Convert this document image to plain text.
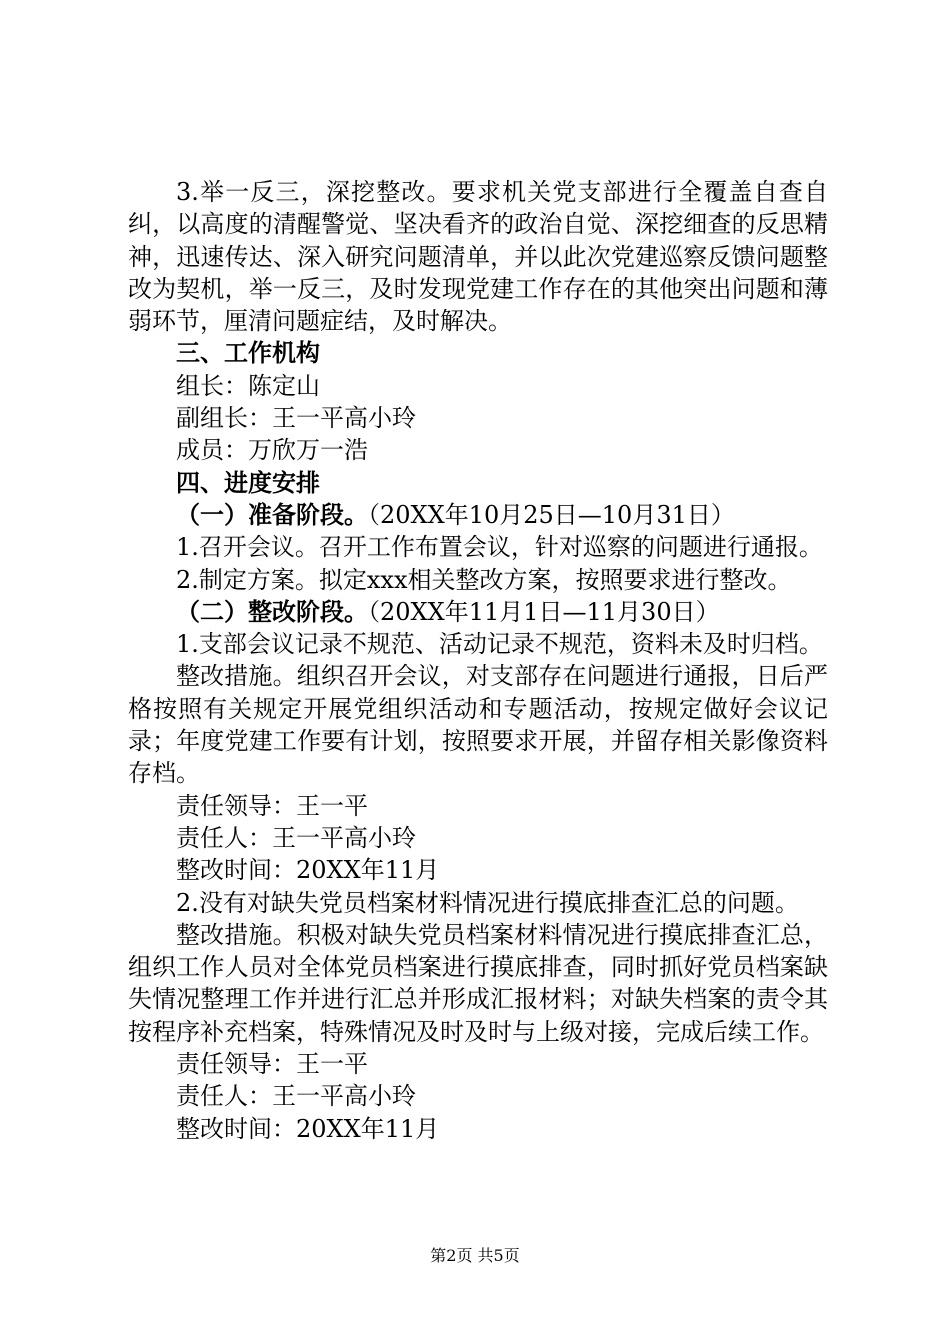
3.举一反三，深挖整改。要求机关党支部进行全覆盖自查自纠，以高度的清醒警觉、坚决看齐的政治自觉、深挖细查的反思精神，迅速传达、深入研究问题清单，并以此次党建巡察反馈问题整改为契机，举一反三，及时发现党建工作存在的其他突出问题和薄弱环节，厘清问题症结，及时解决。

三、工作机构

组长：陈定山

副组长：王一平高小玲

成员：万欣万一浩

四、进度安排

（一）准备阶段。（20XX年10月25日—10月31日）

1.召开会议。召开工作布置会议，针对巡察的问题进行通报。

2.制定方案。拟定xxx相关整改方案，按照要求进行整改。

（二）整改阶段。（20XX年11月1日—11月30日）

1.支部会议记录不规范、活动记录不规范，资料未及时归档。

整改措施。组织召开会议，对支部存在问题进行通报，日后严格按照有关规定开展党组织活动和专题活动，按规定做好会议记录；年度党建工作要有计划，按照要求开展，并留存相关影像资料存档。

责任领导：王一平

责任人：王一平高小玲

整改时间：20XX年11月

2.没有对缺失党员档案材料情况进行摸底排查汇总的问题。

整改措施。积极对缺失党员档案材料情况进行摸底排查汇总，组织工作人员对全体党员档案进行摸底排查，同时抓好党员档案缺失情况整理工作并进行汇总并形成汇报材料；对缺失档案的责令其按程序补充档案，特殊情况及时及时与上级对接，完成后续工作。

责任领导：王一平

责任人：王一平高小玲

整改时间：20XX年11月

第2页 共5页
